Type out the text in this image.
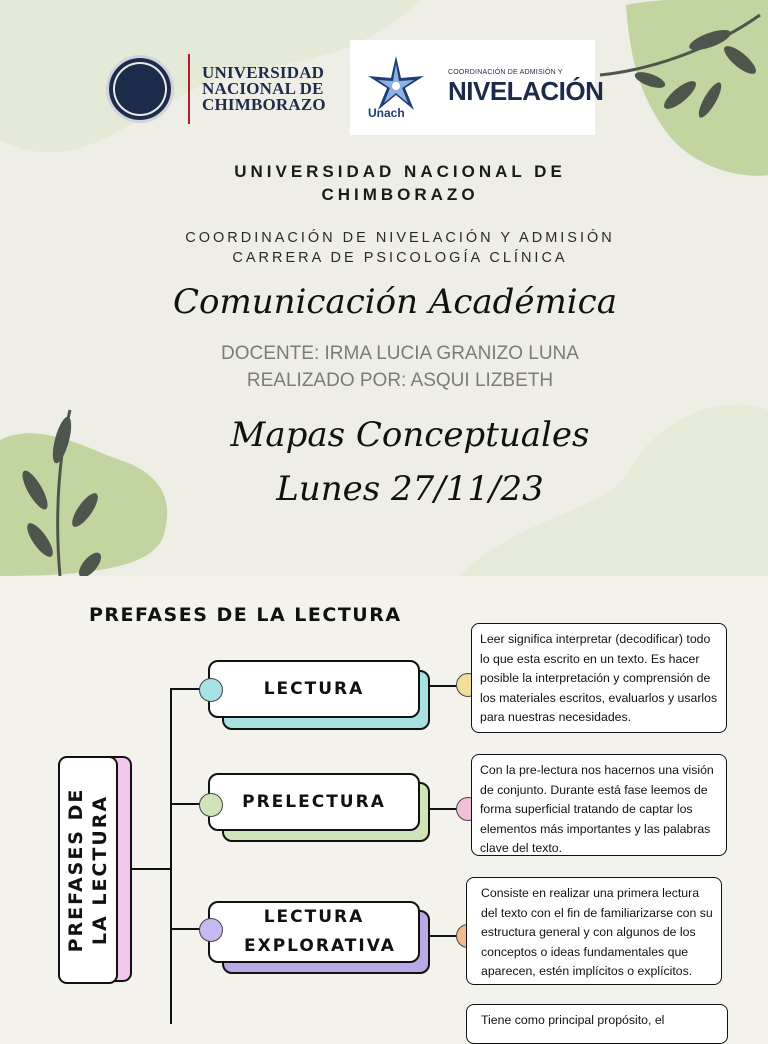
UNIVERSIDAD
NACIONAL DE
CHIMBORAZO	Unach
COORDINACIÓN DE ADMISIÓN Y
NIVELACIÓN
UNIVERSIDAD NACIONAL DE CHIMBORAZO
COORDINACIÓN DE NIVELACIÓN Y ADMISIÓN
CARRERA DE PSICOLOGÍA CLÍNICA
Comunicación Académica
DOCENTE: IRMA LUCIA GRANIZO LUNA
REALIZADO POR: ASQUI LIZBETH
Mapas Conceptuales
Lunes 27/11/23
PREFASES DE LA LECTURA
PREFASES DE LA LECTURA
LECTURA
Leer significa interpretar (decodificar) todo lo que esta escrito en un texto. Es hacer posible la interpretación y comprensión de los materiales escritos, evaluarlos y usarlos para nuestras necesidades.
PRELECTURA
Con la pre-lectura nos hacernos una visión de conjunto. Durante está fase leemos de forma superficial tratando de captar los elementos más importantes y las palabras clave del texto.
LECTURA EXPLORATIVA
Consiste en realizar una primera lectura del texto con el fin de familiarizarse con su estructura general y con algunos de los conceptos o ideas fundamentales que aparecen, estén implícitos o explícitos.
Tiene como principal propósito, el
